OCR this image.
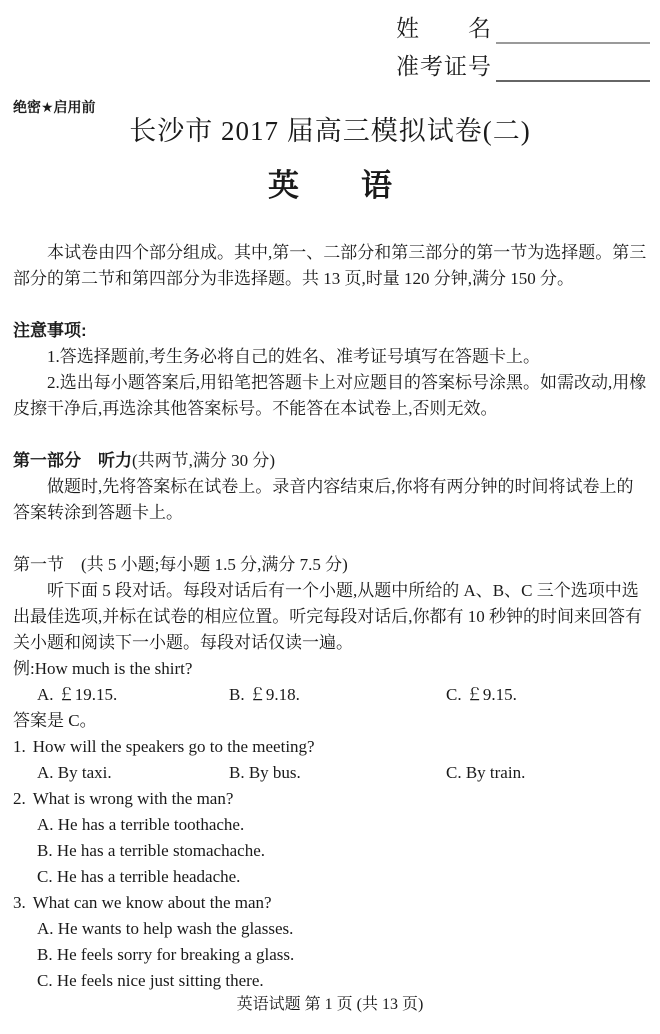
姓　　名
准考证号
绝密★启用前
长沙市 2017 届高三模拟试卷(二)
英　　语

本试卷由四个部分组成。其中,第一、二部分和第三部分的第一节为选择题。第三部分的第二节和第四部分为非选择题。共 13 页,时量 120 分钟,满分 150 分。

注意事项:

1.答选择题前,考生务必将自己的姓名、准考证号填写在答题卡上。

2.选出每小题答案后,用铅笔把答题卡上对应题目的答案标号涂黑。如需改动,用橡皮擦干净后,再选涂其他答案标号。不能答在本试卷上,否则无效。

第一部分　听力(共两节,满分 30 分)

做题时,先将答案标在试卷上。录音内容结束后,你将有两分钟的时间将试卷上的答案转涂到答题卡上。

第一节　(共 5 小题;每小题 1.5 分,满分 7.5 分)

听下面 5 段对话。每段对话后有一个小题,从题中所给的 A、B、C 三个选项中选出最佳选项,并标在试卷的相应位置。听完每段对话后,你都有 10 秒钟的时间来回答有关小题和阅读下一小题。每段对话仅读一遍。

例:How much is the shirt?

A. ￡19.15.	B. ￡9.18.	C. ￡9.15.

答案是 C。

1. How will the speakers go to the meeting?
A. By taxi.	B. By bus.	C. By train.
2. What is wrong with the man?

A. He has a terrible toothache.

B. He has a terrible stomachache.

C. He has a terrible headache.

3. What can we know about the man?

A. He wants to help wash the glasses.

B. He feels sorry for breaking a glass.

C. He feels nice just sitting there.

英语试题 第 1 页 (共 13 页)
